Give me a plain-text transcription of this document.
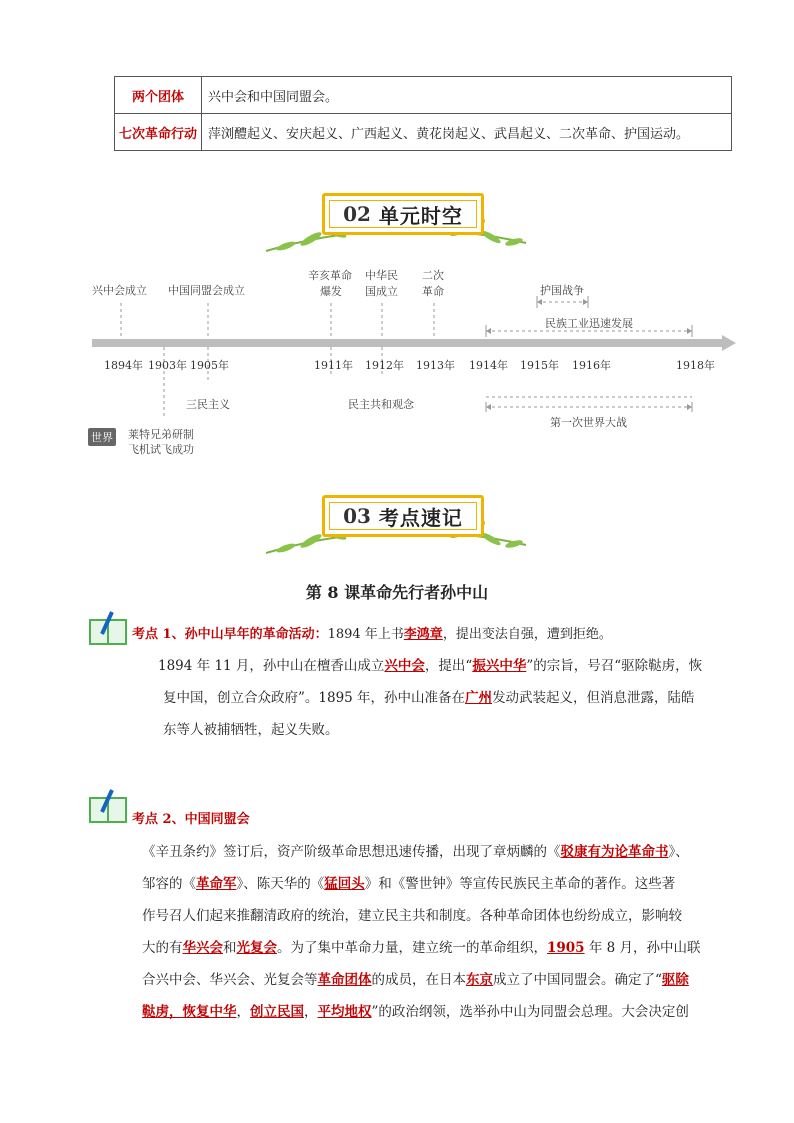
两个团体	兴中会和中国同盟会。
七次革命行动	萍浏醴起义、安庆起义、广西起义、黄花岗起义、武昌起义、二次革命、护国运动。
02 单元时空
兴中会成立 中国同盟会成立
辛亥革命
爆发
中华民
国成立
二次
革命	护国战争
民族工业迅速发展
1894年 1903年 1905年	1911年 1912年 1913年 1914年 1915年 1916年	1918年
三民主义	民主共和观念
第一次世界大战
世界 莱特兄弟研制
飞机试飞成功
03 考点速记
第 8 课革命先行者孙中山
考点 1、孙中山早年的革命活动：1894 年上书李鸿章，提出变法自强，遭到拒绝。
1894 年 11 月，孙中山在檀香山成立兴中会，提出“振兴中华”的宗旨，号召“驱除鞑虏，恢
复中国，创立合众政府”。1895 年，孙中山准备在广州发动武装起义，但消息泄露，陆皓
东等人被捕牺牲，起义失败。
考点 2、中国同盟会
《辛丑条约》签订后，资产阶级革命思想迅速传播，出现了章炳麟的《驳康有为论革命书》、
邹容的《革命军》、陈天华的《猛回头》和《警世钟》等宣传民族民主革命的著作。这些著
作号召人们起来推翻清政府的统治，建立民主共和制度。各种革命团体也纷纷成立，影响较
大的有华兴会和光复会。为了集中革命力量，建立统一的革命组织，1905 年 8 月，孙中山联
合兴中会、华兴会、光复会等革命团体的成员，在日本东京成立了中国同盟会。确定了“驱除
鞑虏，恢复中华，创立民国，平均地权”的政治纲领，选举孙中山为同盟会总理。大会决定创
